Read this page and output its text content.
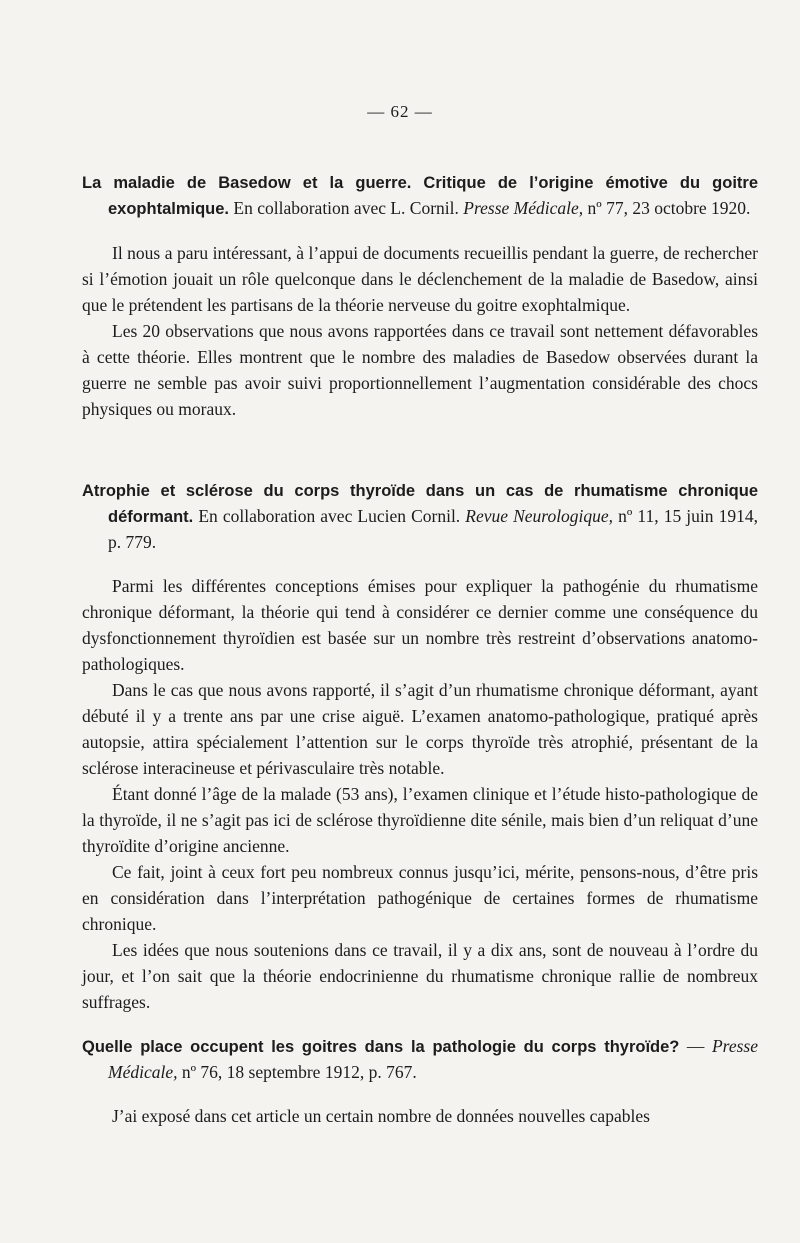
— 62 —

La maladie de Basedow et la guerre. Critique de l’origine émotive du goitre exophtalmique. En collaboration avec L. Cornil. Presse Médicale, nº 77, 23 octobre 1920.

Il nous a paru intéressant, à l’appui de documents recueillis pendant la guerre, de rechercher si l’émotion jouait un rôle quelconque dans le déclenchement de la maladie de Basedow, ainsi que le prétendent les partisans de la théorie nerveuse du goitre exophtalmique.

Les 20 observations que nous avons rapportées dans ce travail sont nettement défavorables à cette théorie. Elles montrent que le nombre des maladies de Basedow observées durant la guerre ne semble pas avoir suivi proportionnellement l’augmentation considérable des chocs physiques ou moraux.

Atrophie et sclérose du corps thyroïde dans un cas de rhumatisme chronique déformant. En collaboration avec Lucien Cornil. Revue Neurologique, nº 11, 15 juin 1914, p. 779.

Parmi les différentes conceptions émises pour expliquer la pathogénie du rhumatisme chronique déformant, la théorie qui tend à considérer ce dernier comme une conséquence du dysfonctionnement thyroïdien est basée sur un nombre très restreint d’observations anatomo-pathologiques.

Dans le cas que nous avons rapporté, il s’agit d’un rhumatisme chronique déformant, ayant débuté il y a trente ans par une crise aiguë. L’examen anatomo-pathologique, pratiqué après autopsie, attira spécialement l’attention sur le corps thyroïde très atrophié, présentant de la sclérose interacineuse et périvasculaire très notable.

Étant donné l’âge de la malade (53 ans), l’examen clinique et l’étude histo-pathologique de la thyroïde, il ne s’agit pas ici de sclérose thyroïdienne dite sénile, mais bien d’un reliquat d’une thyroïdite d’origine ancienne.

Ce fait, joint à ceux fort peu nombreux connus jusqu’ici, mérite, pensons-nous, d’être pris en considération dans l’interprétation pathogénique de certaines formes de rhumatisme chronique.

Les idées que nous soutenions dans ce travail, il y a dix ans, sont de nouveau à l’ordre du jour, et l’on sait que la théorie endocrinienne du rhumatisme chronique rallie de nombreux suffrages.

Quelle place occupent les goitres dans la pathologie du corps thyroïde? — Presse Médicale, nº 76, 18 septembre 1912, p. 767.

J’ai exposé dans cet article un certain nombre de données nouvelles capables
